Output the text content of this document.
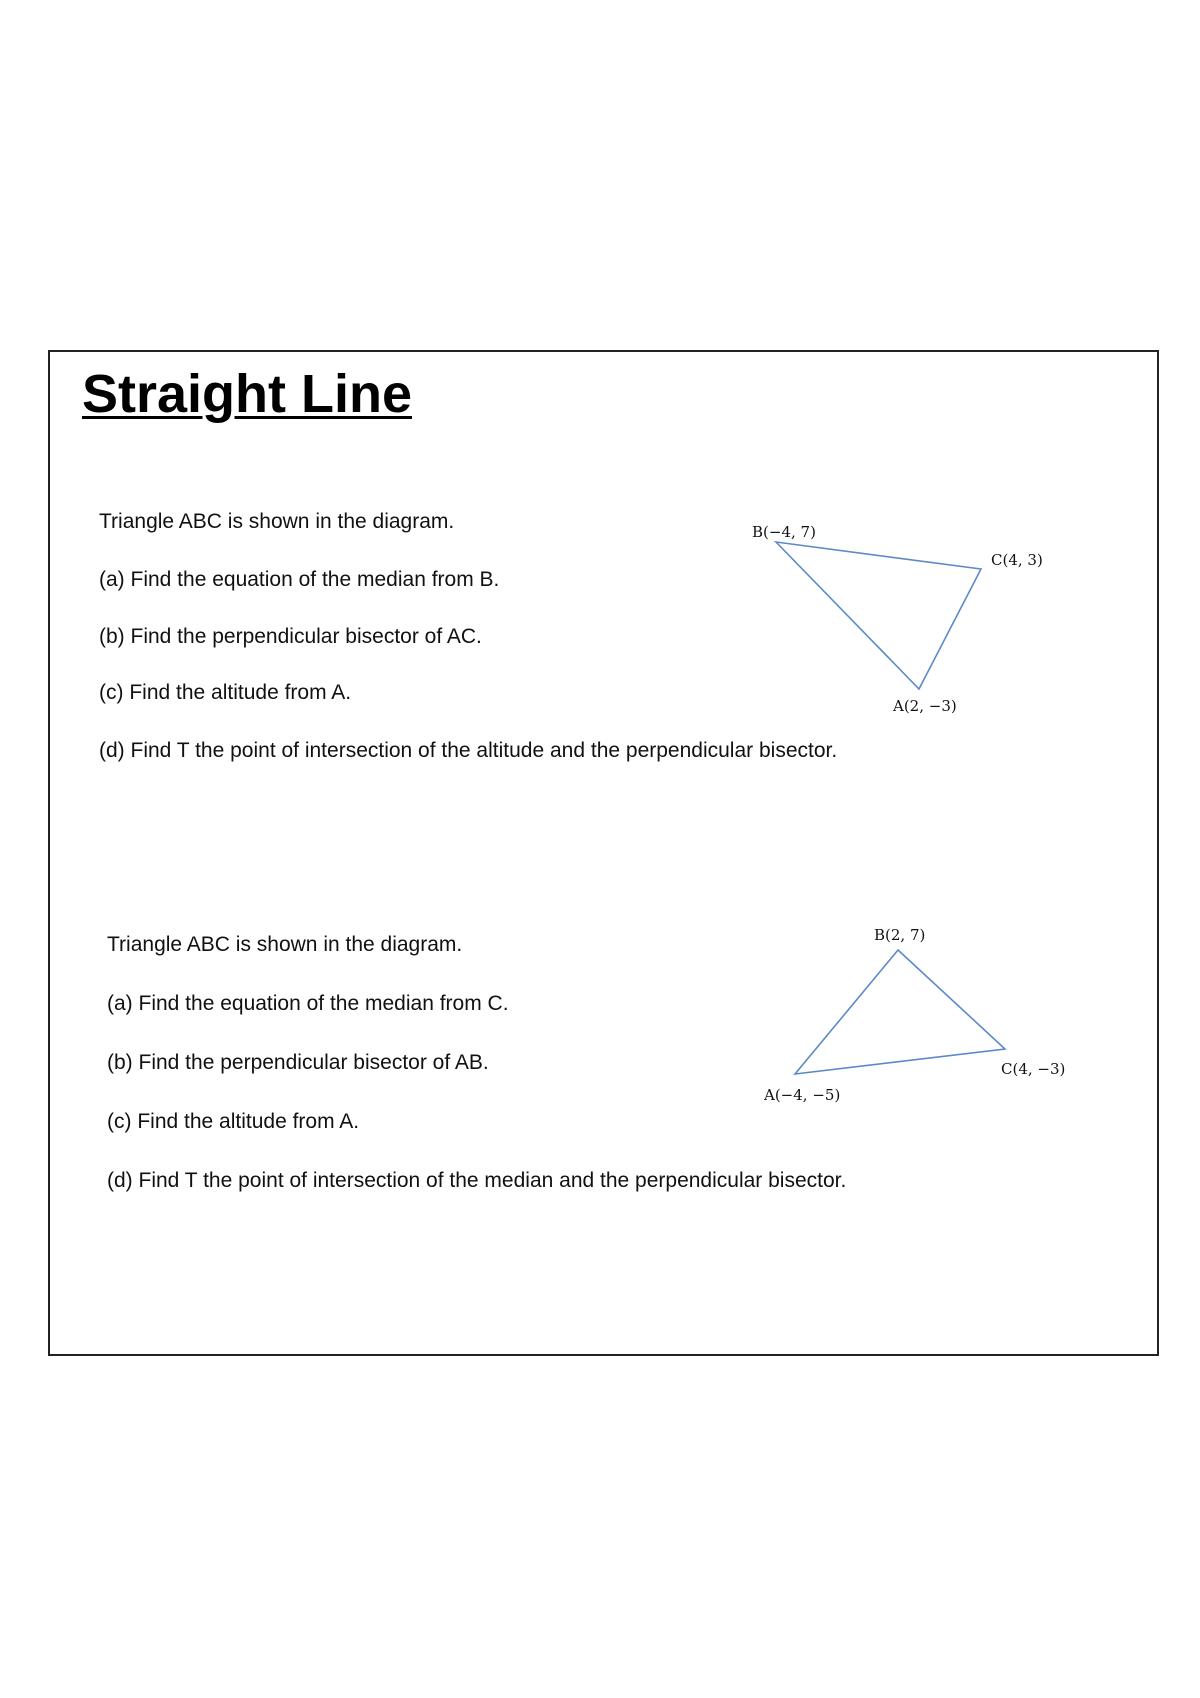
Straight Line
Triangle ABC is shown in the diagram.
(a) Find the equation of the median from B.
(b) Find the perpendicular bisector of AC.
(c) Find the altitude from A.
(d) Find T the point of intersection of the altitude and the perpendicular bisector.
Triangle ABC is shown in the diagram.
(a) Find the equation of the median from C.
(b) Find the perpendicular bisector of AB.
(c) Find the altitude from A.
(d) Find T the point of intersection of the median and the perpendicular bisector.
B(−4, 7)
C(4, 3)
A(2, −3)
B(2, 7)
C(4, −3)
A(−4, −5)
